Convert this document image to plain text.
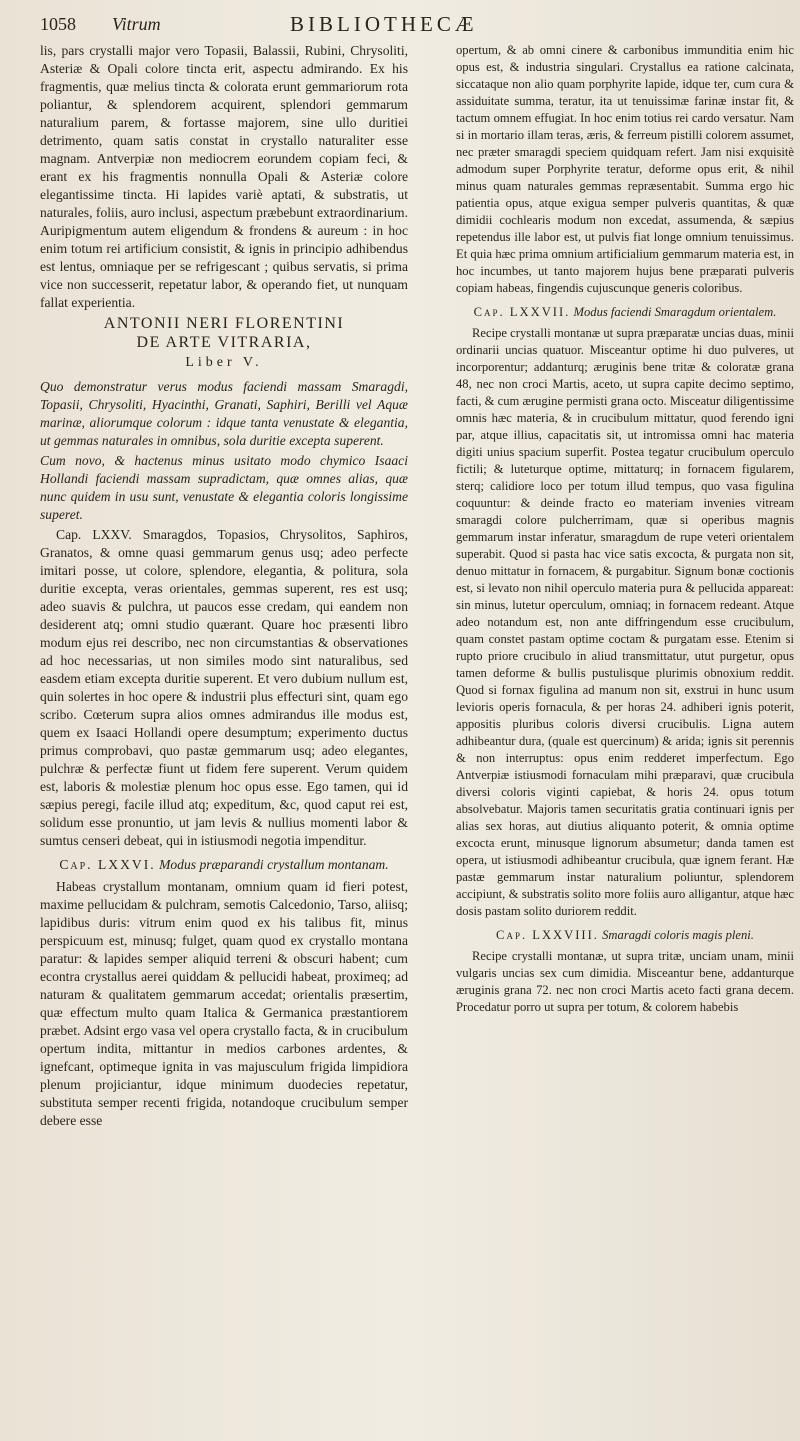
1058 Vitrum	BIBLIOTHECÆ

lis, pars crystalli major vero Topasii, Balassii, Rubini, Chrysoliti, Asteriæ & Opali colore tincta erit, aspectu admirando. Ex his fragmentis, quæ melius tincta & colorata erunt gemmariorum rota poliantur, & splendorem acquirent, splendori gemmarum naturalium parem, & fortasse majorem, sine ullo duritiei detrimento, quam satis constat in crystallo naturaliter esse magnam. Antverpiæ non mediocrem eorundem copiam feci, & erant ex his fragmentis nonnulla Opali & Asteriæ colore elegantissime tincta. Hi lapides variè aptati, & substratis, ut naturales, foliis, auro inclusi, aspectum præbebunt extraordinarium. Auripigmentum autem eligendum & frondens & aureum : in hoc enim totum rei artificium consistit, & ignis in principio adhibendus est lentus, omniaque per se refrigescant ; quibus servatis, si prima vice non successerit, repetatur labor, & operando fiet, ut nunquam fallat experientia.

ANTONII NERI FLORENTINI
DE ARTE VITRARIA,
Liber V.

Quo demonstratur verus modus faciendi massam Smaragdi, Topasii, Chrysoliti, Hyacinthi, Granati, Saphiri, Berilli vel Aquæ marinæ, aliorumque colorum : idque tanta venustate & elegantia, ut gemmas naturales in omnibus, sola duritie excepta superent.

Cum novo, & hactenus minus usitato modo chymico Isaaci Hollandi faciendi massam supradictam, quæ omnes alias, quæ nunc quidem in usu sunt, venustate & elegantia coloris longissime superet.

Cap. LXXV. Smaragdos, Topasios, Chrysolitos, Saphiros, Granatos, & omne quasi gemmarum genus usq; adeo perfecte imitari posse, ut colore, splendore, elegantia, & politura, sola duritie excepta, veras orientales, gemmas superent, res est usq; adeo suavis & pulchra, ut paucos esse credam, qui eandem non desiderent atq; omni studio quærant. Quare hoc præsenti libro modum ejus rei describo, nec non circumstantias & observationes ad hoc necessarias, ut non similes modo sint naturalibus, sed easdem etiam excepta duritie superent. Et vero dubium nullum est, quin solertes in hoc opere & industrii plus effecturi sint, quam ego scribo. Cœterum supra alios omnes admirandus ille modus est, quem ex Isaaci Hollandi opere desumptum; experimento ductus primus comprobavi, quo pastæ gemmarum usq; adeo elegantes, pulchræ & perfectæ fiunt ut fidem fere superent. Verum quidem est, laboris & molestiæ plenum hoc opus esse. Ego tamen, qui id sæpius peregi, facile illud atq; expeditum, &c, quod caput rei est, solidum esse pronuntio, ut jam levis & nullius momenti labor & sumtus censeri debeat, qui in istiusmodi negotia impenditur.

Cap. LXXVI. Modus præparandi crystallum montanam.

Habeas crystallum montanam, omnium quam id fieri potest, maxime pellucidam & pulchram, semotis Calcedonio, Tarso, aliisq; lapidibus duris: vitrum enim quod ex his talibus fit, minus perspicuum est, minusq; fulget, quam quod ex crystallo montana paratur: & lapides semper aliquid terreni & obscuri habent; cum econtra crystallus aerei quiddam & pellucidi habeat, proximeq; ad naturam & qualitatem gemmarum accedat; orientalis præsertim, quæ effectum multo quam Italica & Germanica præstantiorem præbet. Adsint ergo vasa vel opera crystallo facta, & in crucibulum opertum indita, mittantur in medios carbones ardentes, & ignefcant, optimeque ignita in vas majusculum frigida limpidiora plenum projiciantur, idque minimum duodecies repetatur, substituta semper recenti frigida, notandoque crucibulum semper debere esse

opertum, & ab omni cinere & carbonibus immunditia enim hic opus est, & industria singulari. Crystallus ea ratione calcinata, siccataque non alio quam porphyrite lapide, idque ter, cum cura & assiduitate summa, teratur, ita ut tenuissimæ farinæ instar fit, & tactum omnem effugiat. In hoc enim totius rei cardo versatur. Nam si in mortario illam teras, æris, & ferreum pistilli colorem assumet, nec præter smaragdi speciem quidquam refert. Jam nisi exquisitè admodum super Porphyrite teratur, deforme opus erit, & nihil minus quam naturales gemmas repræsentabit. Summa ergo hic patientia opus, atque exigua semper pulveris quantitas, & quæ dimidii cochlearis modum non excedat, assumenda, & sæpius repetendus ille labor est, ut pulvis fiat longe omnium tenuissimus. Et quia hæc prima omnium artificialium gemmarum materia est, in hoc incumbes, ut tanto majorem hujus bene præparati pulveris copiam habeas, fingendis cujuscunque generis coloribus.

Cap. LXXVII. Modus faciendi Smaragdum orientalem.

Recipe crystalli montanæ ut supra præparatæ uncias duas, minii ordinarii uncias quatuor. Misceantur optime hi duo pulveres, ut incorporentur; addanturq; æruginis bene tritæ & coloratæ grana 48, nec non croci Martis, aceto, ut supra capite decimo septimo, facti, & cum ærugine permisti grana octo. Misceatur diligentissime omnis hæc materia, & in crucibulum mittatur, quod ferendo igni par, atque illius, capacitatis sit, ut intromissa omni hac materia digiti unius spacium superfit. Postea tegatur crucibulum operculo fictili; & luteturque optime, mittaturq; in fornacem figularem, sterq; calidiore loco per totum illud tempus, quo vasa figulina coquuntur: & deinde fracto eo materiam invenies vitream smaragdi colore pulcherrimam, quæ si operibus magnis gemmarum instar inferatur, smaragdum de rupe veteri orientalem superabit. Quod si pasta hac vice satis excocta, & purgata non sit, denuo mittatur in fornacem, & purgabitur. Signum bonæ coctionis est, si levato non nihil operculo materia pura & pellucida appareat: sin minus, lutetur operculum, omniaq; in fornacem redeant. Atque adeo notandum est, non ante diffringendum esse crucibulum, quam constet pastam optime coctam & purgatam esse. Etenim si rupto priore crucibulo in aliud transmittatur, utut purgetur, opus tamen deforme & bullis pustulisque plurimis obnoxium reddit. Quod si fornax figulina ad manum non sit, exstrui in hunc usum levioris operis fornacula, & per horas 24. adhiberi ignis poterit, appositis pluribus coloris diversi crucibulis. Ligna autem adhibeantur dura, (quale est quercinum) & arida; ignis sit perennis & non interruptus: opus enim redderet imperfectum. Ego Antverpiæ istiusmodi fornaculam mihi præparavi, quæ crucibula diversi coloris viginti capiebat, & horis 24. opus totum absolvebatur. Majoris tamen securitatis gratia continuari ignis per alias sex horas, aut diutius aliquanto poterit, & omnia optime excocta erunt, minusque lignorum absumetur; danda tamen est opera, ut istiusmodi adhibeantur crucibula, quæ ignem ferant. Hæ pastæ gemmarum instar naturalium poliuntur, splendorem accipiunt, & substratis solito more foliis auro alligantur, atque hæc dosis pastam solito duriorem reddit.

Cap. LXXVIII. Smaragdi coloris magis pleni.

Recipe crystalli montanæ, ut supra tritæ, unciam unam, minii vulgaris uncias sex cum dimidia. Misceantur bene, addanturque æruginis grana 72. nec non croci Martis aceto facti grana decem. Procedatur porro ut supra per totum, & colorem habebis
